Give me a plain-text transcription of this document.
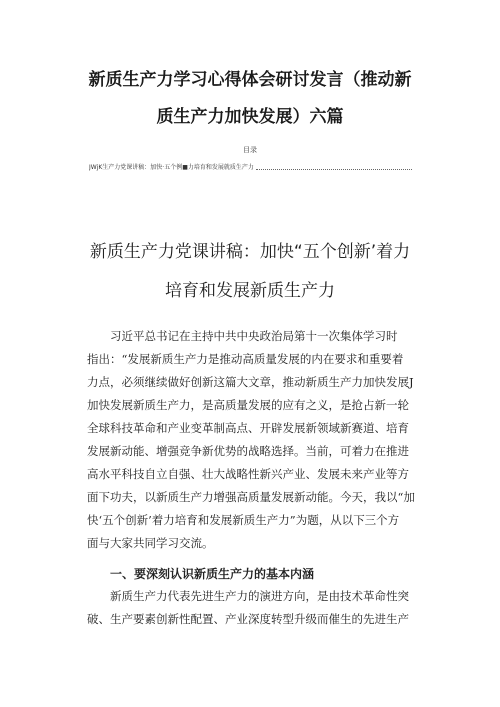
新质生产力学习心得体会研讨发言（推动新
质生产力加快发展）六篇
目录
JWjK生产力党课讲稿：加快·五个例■力培育和发展就质生产力
新质生产力党课讲稿：加快“五个创新’着力
培育和发展新质生产力
习近平总书记在主持中共中央政治局第十一次集体学习时
指出：“发展新质生产力是推动高质量发展的内在要求和重要着
力点，必须继续做好创新这篇大文章，推动新质生产力加快发展J
加快发展新质生产力，是高质量发展的应有之义，是抢占新一轮
全球科技革命和产业变革制高点、开辟发展新领域新赛道、培育
发展新动能、增强竞争新优势的战略选择。当前，可着力在推进
高水平科技自立自强、壮大战略性新兴产业、发展未来产业等方
面下功夫，以新质生产力增强高质量发展新动能。今天，我以“加
快‘五个创新’着力培育和发展新质生产力”为题，从以下三个方
面与大家共同学习交流。
一、要深刻认识新质生产力的基本内涵
新质生产力代表先进生产力的演进方向，是由技术革命性突
破、生产要素创新性配置、产业深度转型升级而催生的先进生产
